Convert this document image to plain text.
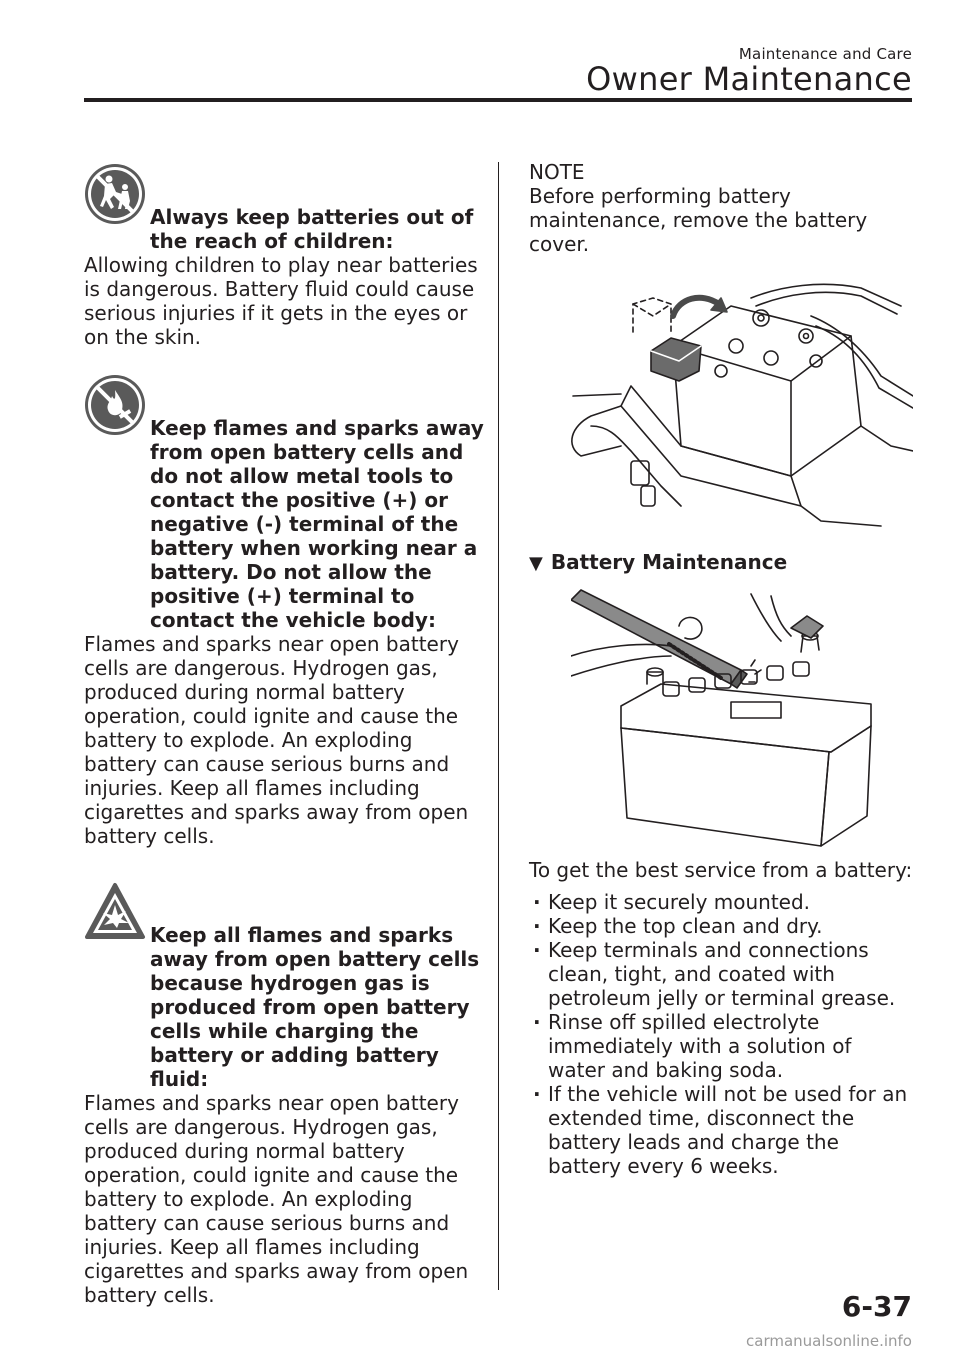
Maintenance and Care
Owner Maintenance
Always keep batteries out of the reach of children:
Allowing children to play near batteries is dangerous. Battery fluid could cause serious injuries if it gets in the eyes or on the skin.
Keep flames and sparks away from open battery cells and do not allow metal tools to contact the positive (+) or negative (-) terminal of the battery when working near a battery. Do not allow the positive (+) terminal to contact the vehicle body:
Flames and sparks near open battery cells are dangerous. Hydrogen gas, produced during normal battery operation, could ignite and cause the battery to explode. An exploding battery can cause serious burns and injuries. Keep all flames including cigarettes and sparks away from open battery cells.
Keep all flames and sparks away from open battery cells because hydrogen gas is produced from open battery cells while charging the battery or adding battery fluid:
Flames and sparks near open battery cells are dangerous. Hydrogen gas, produced during normal battery operation, could ignite and cause the battery to explode. An exploding battery can cause serious burns and injuries. Keep all flames including cigarettes and sparks away from open battery cells.
NOTE
Before performing battery maintenance, remove the battery cover.
▼ Battery Maintenance
To get the best service from a battery:
· Keep it securely mounted.
· Keep the top clean and dry.
· Keep terminals and connections clean, tight, and coated with petroleum jelly or terminal grease.
· Rinse off spilled electrolyte immediately with a solution of water and baking soda.
· If the vehicle will not be used for an extended time, disconnect the battery leads and charge the battery every 6 weeks.
6-37
carmanualsonline.info
